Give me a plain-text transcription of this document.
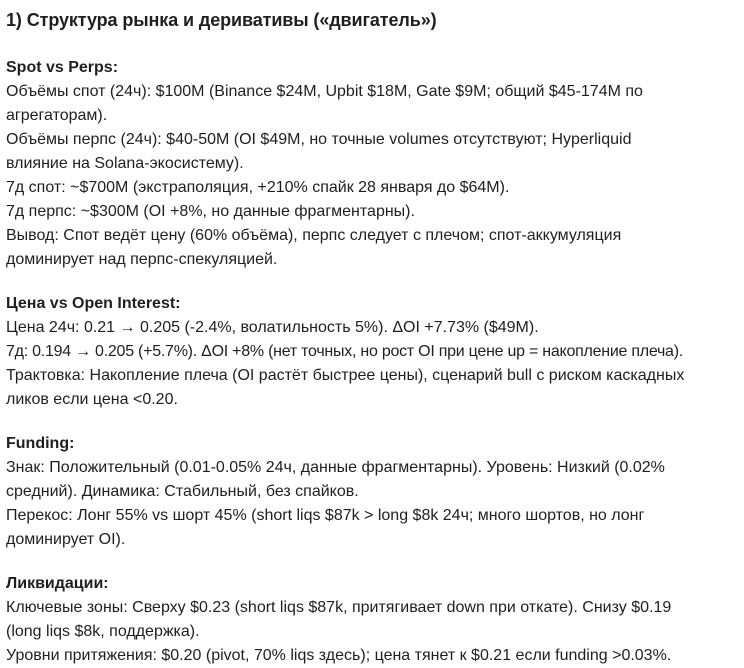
1) Структура рынка и деривативы («двигатель»)
Spot vs Perps:

Объёмы спот (24ч): $100M (Binance $24M, Upbit $18M, Gate $9M; общий $45-174M по
агрегаторам).

Объёмы перпс (24ч): $40-50M (OI $49M, но точные volumes отсутствуют; Hyperliquid
влияние на Solana-экосистему).

7д спот: ~$700M (экстраполяция, +210% спайк 28 января до $64M).

7д перпс: ~$300M (OI +8%, но данные фрагментарны).

Вывод: Спот ведёт цену (60% объёма), перпс следует с плечом; спот-аккумуляция
доминирует над перпс-спекуляцией.

Цена vs Open Interest:

Цена 24ч: 0.21 → 0.205 (-2.4%, волатильность 5%). ΔOI +7.73% ($49M).

7д: 0.194 → 0.205 (+5.7%). ΔOI +8% (нет точных, но рост OI при цене up = накопление плеча).

Трактовка: Накопление плеча (OI растёт быстрее цены), сценарий bull с риском каскадных
ликов если цена <0.20.

Funding:

Знак: Положительный (0.01-0.05% 24ч, данные фрагментарны). Уровень: Низкий (0.02%
средний). Динамика: Стабильный, без спайков.

Перекос: Лонг 55% vs шорт 45% (short liqs $87k > long $8k 24ч; много шортов, но лонг
доминирует OI).

Ликвидации:

Ключевые зоны: Сверху $0.23 (short liqs $87k, притягивает down при откате). Снизу $0.19
(long liqs $8k, поддержка).

Уровни притяжения: $0.20 (pivot, 70% liqs здесь); цена тянет к $0.21 если funding >0.03%.
